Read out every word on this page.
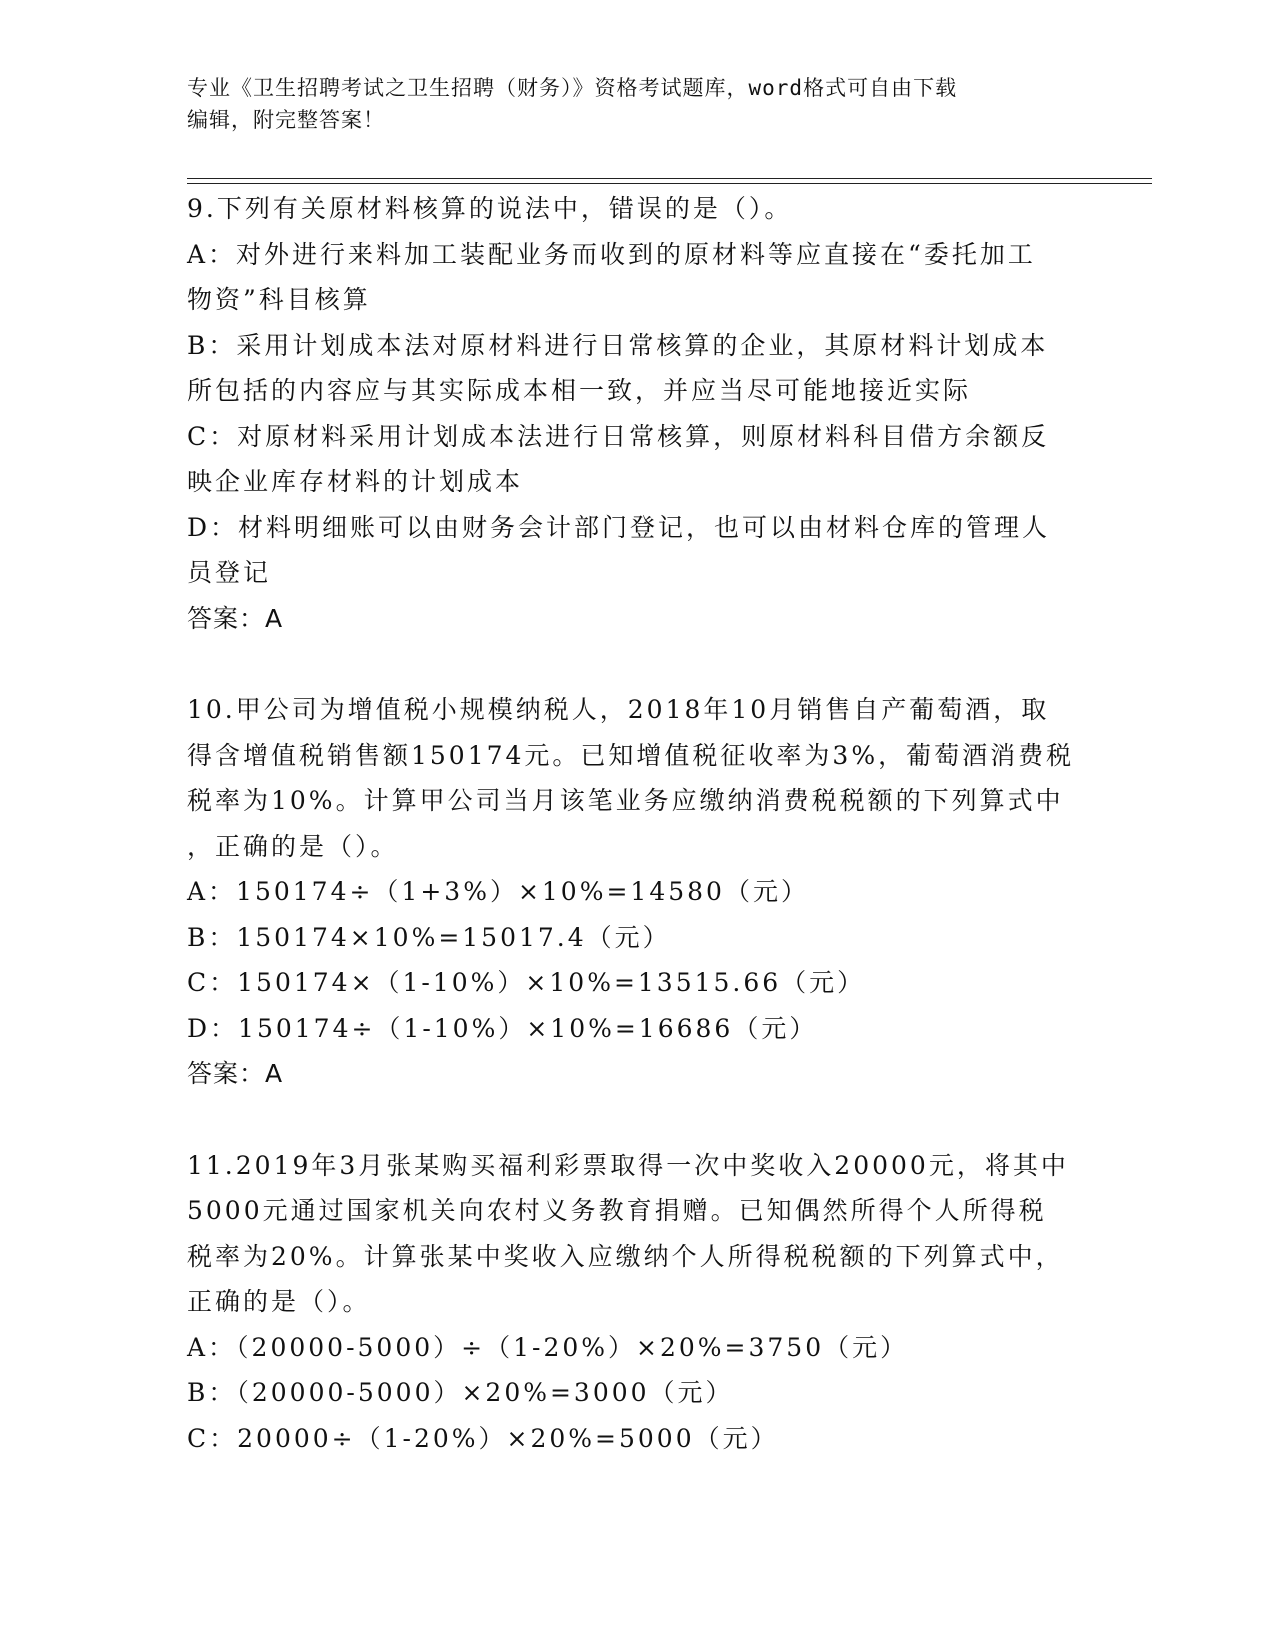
专业《卫生招聘考试之卫生招聘（财务）》资格考试题库，word格式可自由下载
编辑，附完整答案！
9.下列有关原材料核算的说法中，错误的是（）。
A：对外进行来料加工装配业务而收到的原材料等应直接在“委托加工
物资”科目核算
B：采用计划成本法对原材料进行日常核算的企业，其原材料计划成本
所包括的内容应与其实际成本相一致，并应当尽可能地接近实际
C：对原材料采用计划成本法进行日常核算，则原材料科目借方余额反
映企业库存材料的计划成本
D：材料明细账可以由财务会计部门登记，也可以由材料仓库的管理人
员登记
答案：A
10.甲公司为增值税小规模纳税人，2018年10月销售自产葡萄酒，取
得含增值税销售额150174元。已知增值税征收率为3%，葡萄酒消费税
税率为10%。计算甲公司当月该笔业务应缴纳消费税税额的下列算式中
，正确的是（）。
A：150174÷（1+3%）×10%=14580（元）
B：150174×10%=15017.4（元）
C：150174×（1-10%）×10%=13515.66（元）
D：150174÷（1-10%）×10%=16686（元）
答案：A
11.2019年3月张某购买福利彩票取得一次中奖收入20000元，将其中
5000元通过国家机关向农村义务教育捐赠。已知偶然所得个人所得税
税率为20%。计算张某中奖收入应缴纳个人所得税税额的下列算式中，
正确的是（）。
A：（20000-5000）÷（1-20%）×20%=3750（元）
B：（20000-5000）×20%=3000（元）
C：20000÷（1-20%）×20%=5000（元）
